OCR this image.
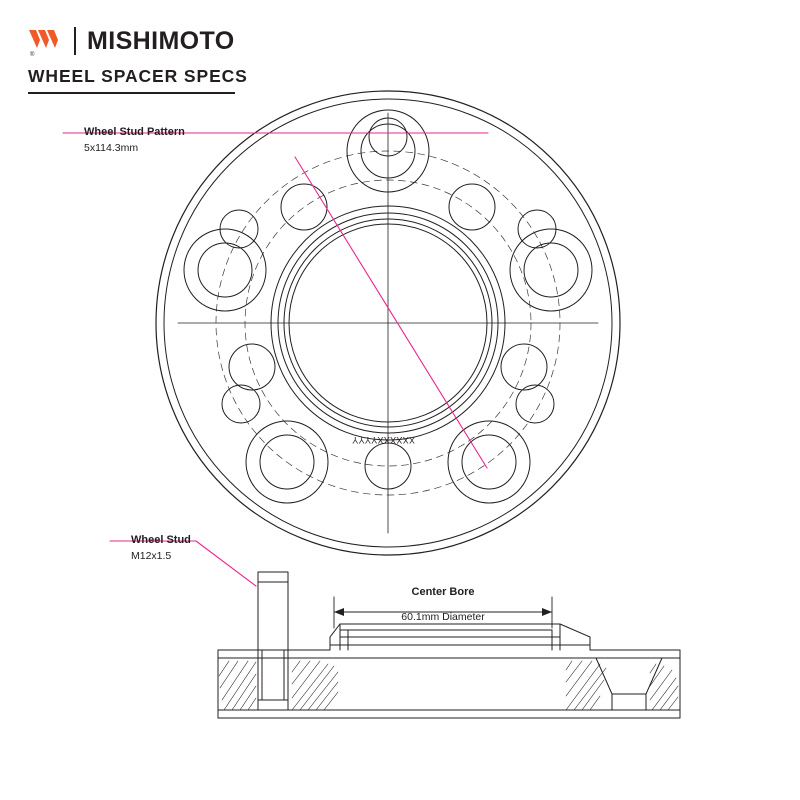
®
MISHIMOTO
WHEEL SPACER SPECS
Wheel Stud Pattern
5x114.3mm
Wheel Stud
M12x1.5
Center Bore
60.1mm Diameter
XXXXXXYYYY
